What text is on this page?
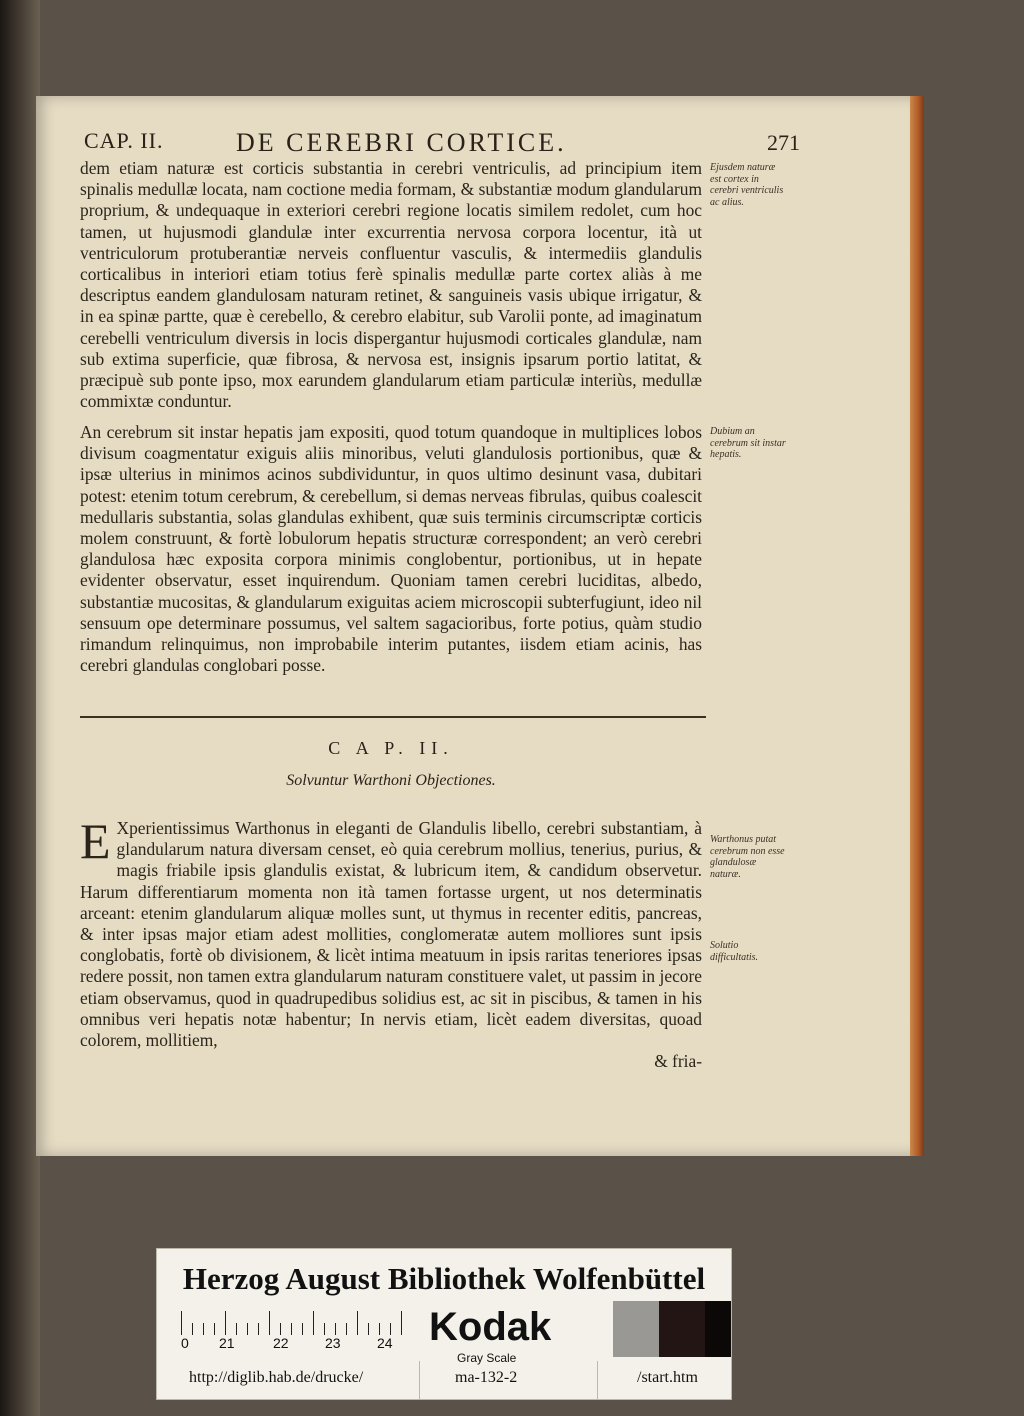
CAP. II.	DE CEREBRI CORTICE.	271
dem etiam naturæ est corticis substantia in cerebri ventriculis, ad principium item spinalis medullæ locata, nam coctione media formam, & substantiæ modum glandularum proprium, & undequaque in exteriori cerebri regione locatis similem redolet, cum hoc tamen, ut hujusmodi glandulæ inter excurrentia nervosa corpora locentur, ità ut ventriculorum protuberantiæ nerveis confluentur vasculis, & intermediis glandulis corticalibus in interiori etiam totius ferè spinalis medullæ parte cortex aliàs à me descriptus eandem glandulosam naturam retinet, & sanguineis vasis ubique irrigatur, & in ea spinæ partte, quæ è cerebello, & cerebro elabitur, sub Varolii ponte, ad imaginatum cerebelli ventriculum diversis in locis dispergantur hujusmodi corticales glandulæ, nam sub extima superficie, quæ fibrosa, & nervosa est, insignis ipsarum portio latitat, & præcipuè sub ponte ipso, mox earundem glandularum etiam particulæ interiùs, medullæ commixtæ conduntur.
Ejusdem naturæ est cortex in cerebri ventriculis ac alius.
An cerebrum sit instar hepatis jam expositi, quod totum quandoque in multiplices lobos divisum coagmentatur exiguis aliis minoribus, veluti glandulosis portionibus, quæ & ipsæ ulterius in minimos acinos subdividuntur, in quos ultimo desinunt vasa, dubitari potest: etenim totum cerebrum, & cerebellum, si demas nerveas fibrulas, quibus coalescit medullaris substantia, solas glandulas exhibent, quæ suis terminis circumscriptæ corticis molem construunt, & fortè lobulorum hepatis structuræ correspondent; an verò cerebri glandulosa hæc exposita corpora minimis conglobentur, portionibus, ut in hepate evidenter observatur, esset inquirendum. Quoniam tamen cerebri luciditas, albedo, substantiæ mucositas, & glandularum exiguitas aciem microscopii subterfugiunt, ideo nil sensuum ope determinare possumus, vel saltem sagacioribus, forte potius, quàm studio rimandum relinquimus, non improbabile interim putantes, iisdem etiam acinis, has cerebri glandulas conglobari posse.
Dubium an cerebrum sit instar hepatis.
C A P. II.
Solvuntur Warthoni Objectiones.
E Xperientissimus Warthonus in eleganti de Glandulis libello, cerebri substantiam, à glandularum natura diversam censet, eò quia cerebrum mollius, tenerius, purius, & magis friabile ipsis glandulis existat, & lubricum item, & candidum observetur. Harum differentiarum momenta non ità tamen fortasse urgent, ut nos determinatis arceant: etenim glandularum aliquæ molles sunt, ut thymus in recenter editis, pancreas, & inter ipsas major etiam adest mollities, conglomeratæ autem molliores sunt ipsis conglobatis, fortè ob divisionem, & licèt intima meatuum in ipsis raritas teneriores ipsas redere possit, non tamen extra glandularum naturam constituere valet, ut passim in jecore etiam observamus, quod in quadrupedibus solidius est, ac sit in piscibus, & tamen in his omnibus veri hepatis notæ habentur; In nervis etiam, licèt eadem diversitas, quoad colorem, mollitiem,
& fria-
Warthonus putat cerebrum non esse glandulosæ naturæ.
Solutio difficultatis.
Herzog August Bibliothek Wolfenbüttel
0 21	22	23	24 Kodak
Gray Scale
http://diglib.hab.de/drucke/	ma-132-2	/start.htm
